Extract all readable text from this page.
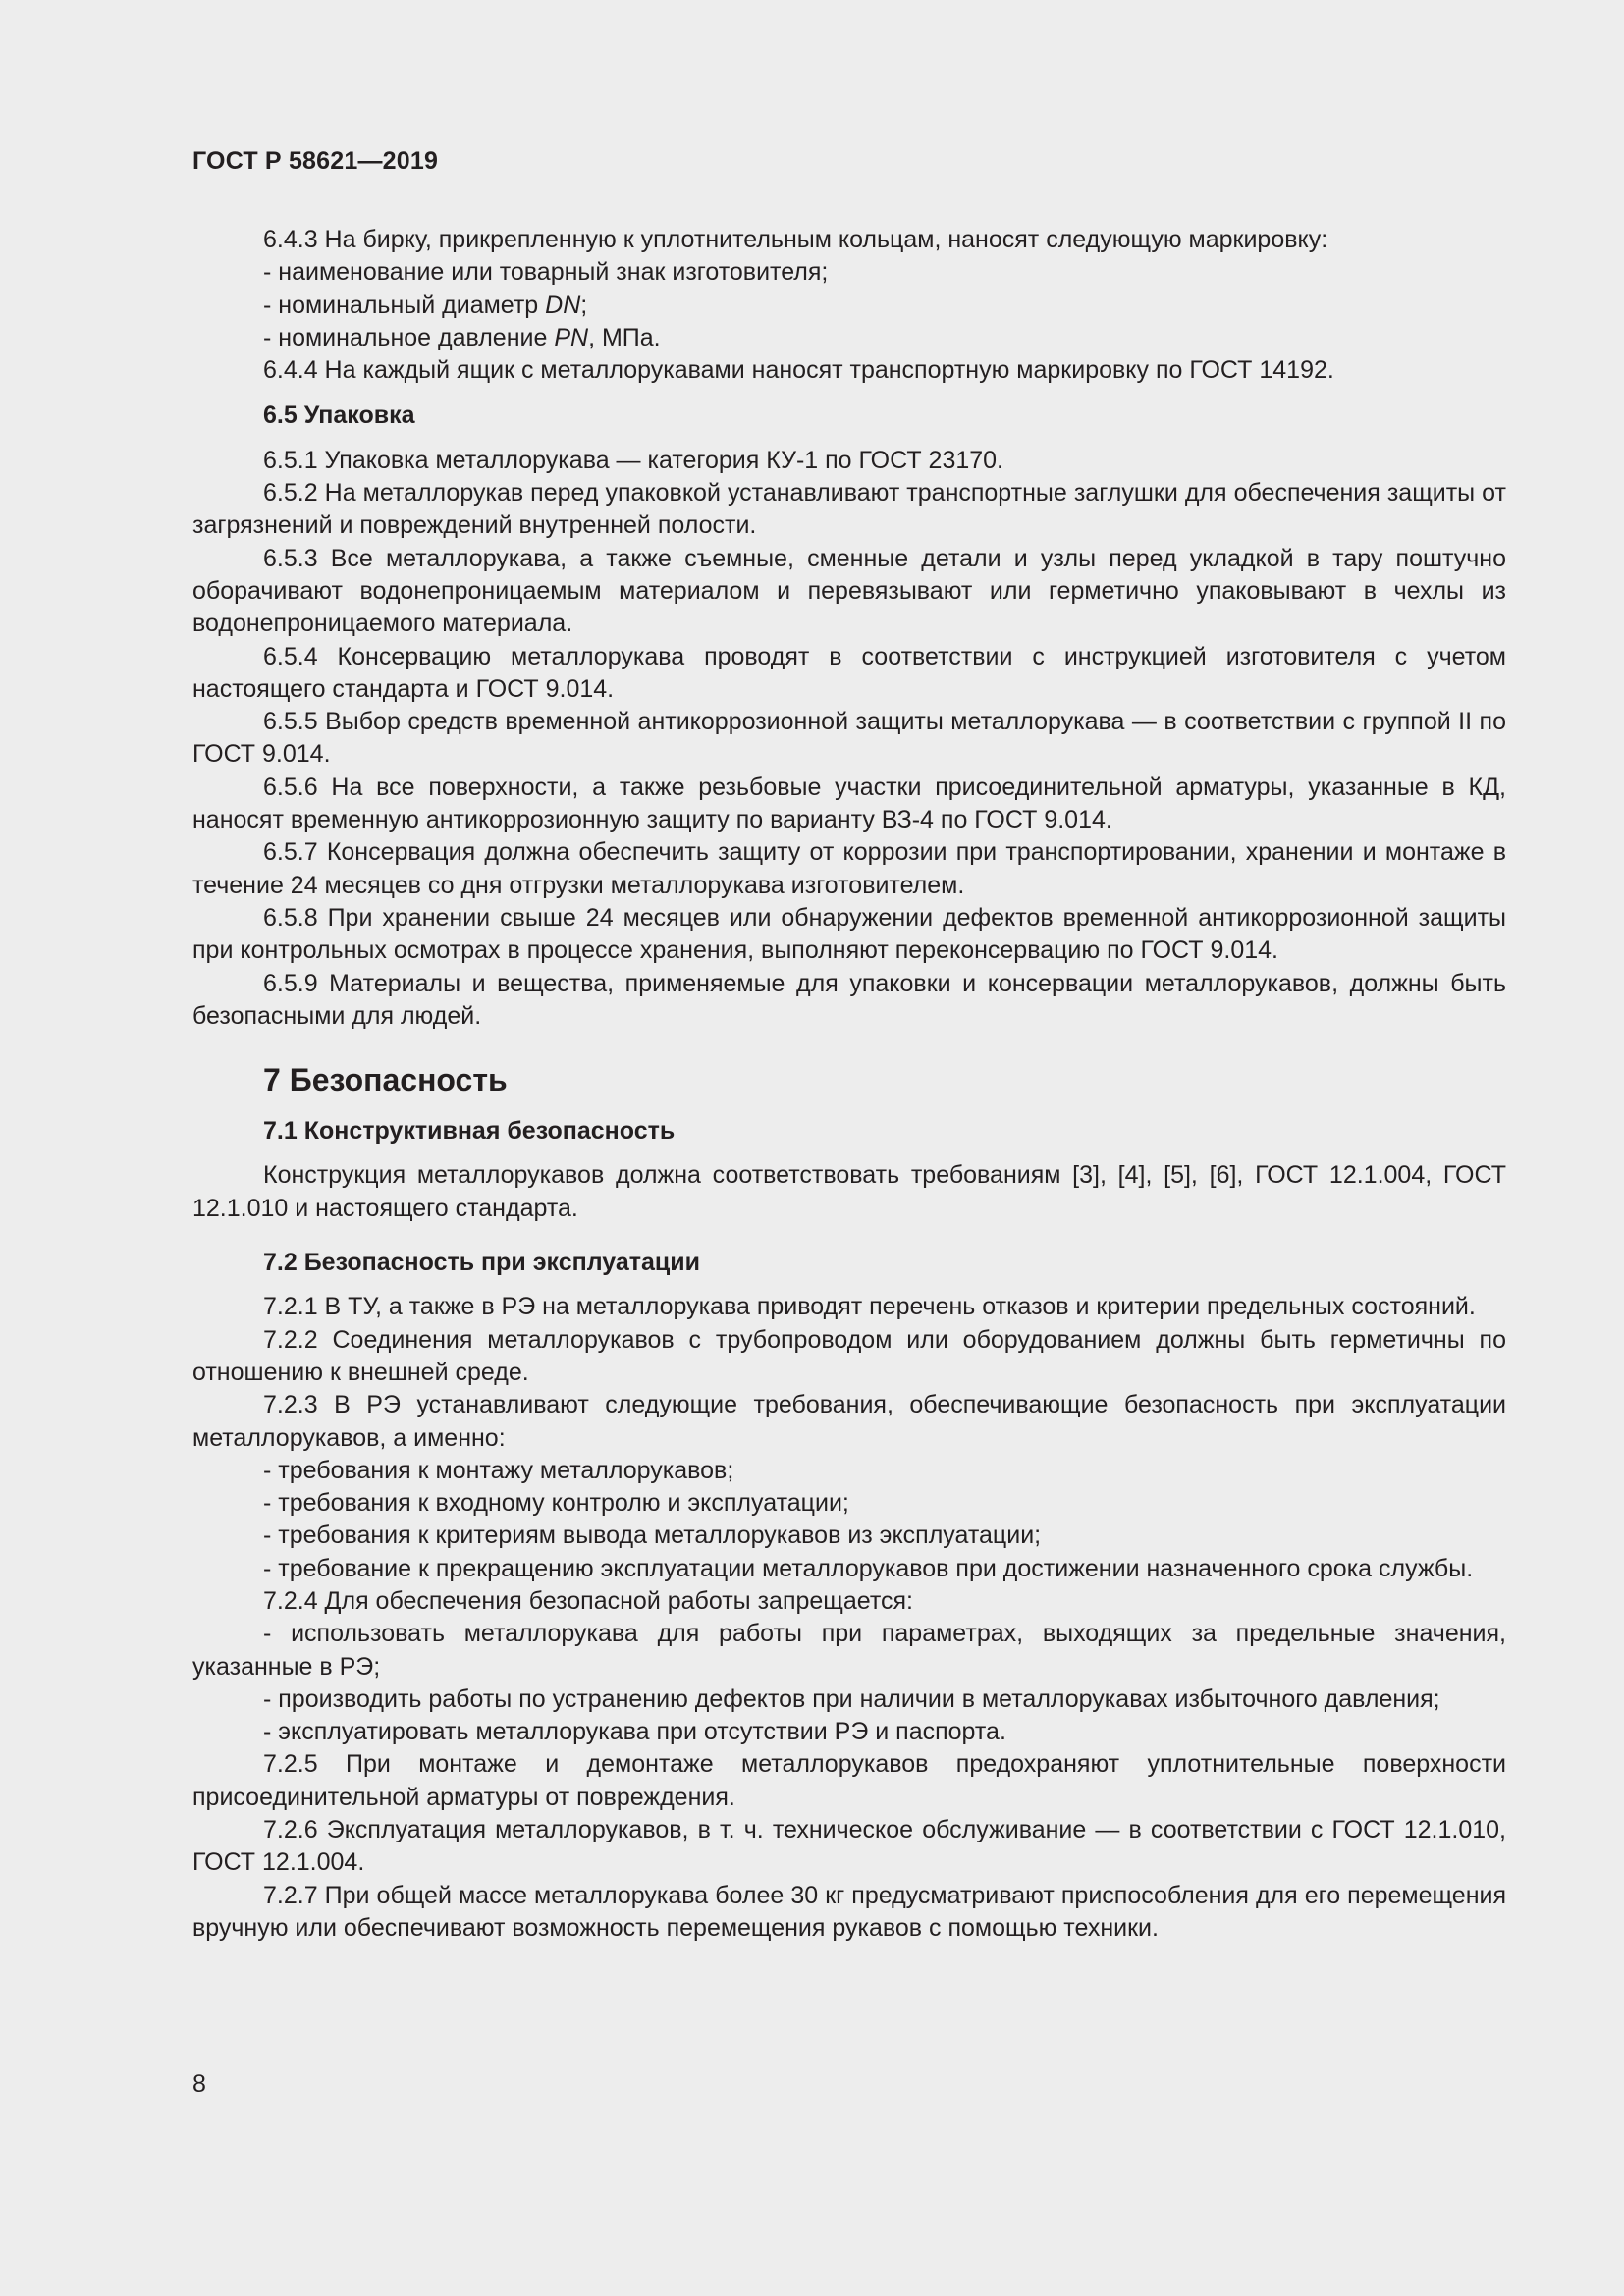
ГОСТ Р 58621—2019

6.4.3 На бирку, прикрепленную к уплотнительным кольцам, наносят следующую маркировку:

- наименование или товарный знак изготовителя;

- номинальный диаметр DN;

- номинальное давление PN, МПа.

6.4.4 На каждый ящик с металлорукавами наносят транспортную маркировку по ГОСТ 14192.

6.5 Упаковка

6.5.1 Упаковка металлорукава — категория КУ-1 по ГОСТ 23170.

6.5.2 На металлорукав перед упаковкой устанавливают транспортные заглушки для обеспечения защиты от загрязнений и повреждений внутренней полости.

6.5.3 Все металлорукава, а также съемные, сменные детали и узлы перед укладкой в тару поштучно оборачивают водонепроницаемым материалом и перевязывают или герметично упаковывают в чехлы из водонепроницаемого материала.

6.5.4 Консервацию металлорукава проводят в соответствии с инструкцией изготовителя с учетом настоящего стандарта и ГОСТ 9.014.

6.5.5 Выбор средств временной антикоррозионной защиты металлорукава — в соответствии с группой II по ГОСТ 9.014.

6.5.6 На все поверхности, а также резьбовые участки присоединительной арматуры, указанные в КД, наносят временную антикоррозионную защиту по варианту ВЗ-4 по ГОСТ 9.014.

6.5.7 Консервация должна обеспечить защиту от коррозии при транспортировании, хранении и монтаже в течение 24 месяцев со дня отгрузки металлорукава изготовителем.

6.5.8 При хранении свыше 24 месяцев или обнаружении дефектов временной антикоррозионной защиты при контрольных осмотрах в процессе хранения, выполняют переконсервацию по ГОСТ 9.014.

6.5.9 Материалы и вещества, применяемые для упаковки и консервации металлорукавов, должны быть безопасными для людей.

7 Безопасность
7.1 Конструктивная безопасность

Конструкция металлорукавов должна соответствовать требованиям [3], [4], [5], [6], ГОСТ 12.1.004, ГОСТ 12.1.010 и настоящего стандарта.

7.2 Безопасность при эксплуатации

7.2.1 В ТУ, а также в РЭ на металлорукава приводят перечень отказов и критерии предельных состояний.

7.2.2 Соединения металлорукавов с трубопроводом или оборудованием должны быть герметичны по отношению к внешней среде.

7.2.3 В РЭ устанавливают следующие требования, обеспечивающие безопасность при эксплуатации металлорукавов, а именно:

- требования к монтажу металлорукавов;

- требования к входному контролю и эксплуатации;

- требования к критериям вывода металлорукавов из эксплуатации;

- требование к прекращению эксплуатации металлорукавов при достижении назначенного срока службы.

7.2.4 Для обеспечения безопасной работы запрещается:

- использовать металлорукава для работы при параметрах, выходящих за предельные значения, указанные в РЭ;

- производить работы по устранению дефектов при наличии в металлорукавах избыточного давления;

- эксплуатировать металлорукава при отсутствии РЭ и паспорта.

7.2.5 При монтаже и демонтаже металлорукавов предохраняют уплотнительные поверхности присоединительной арматуры от повреждения.

7.2.6 Эксплуатация металлорукавов, в т. ч. техническое обслуживание — в соответствии с ГОСТ 12.1.010, ГОСТ 12.1.004.

7.2.7 При общей массе металлорукава более 30 кг предусматривают приспособления для его перемещения вручную или обеспечивают возможность перемещения рукавов с помощью техники.

8
